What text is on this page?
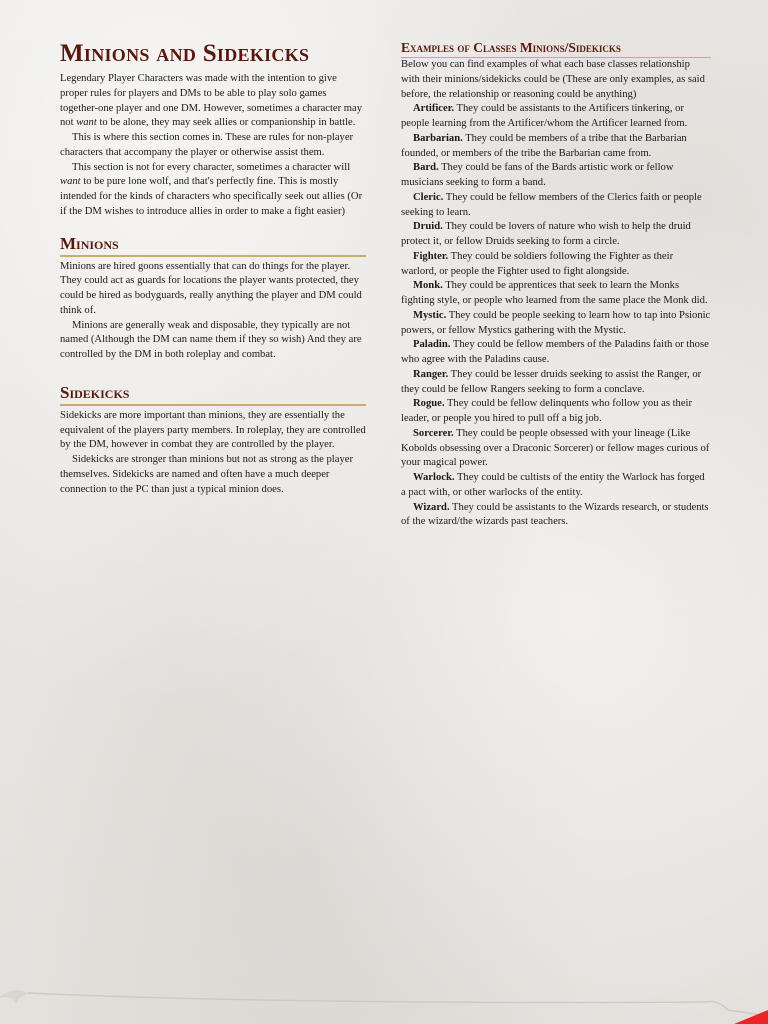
Minions and Sidekicks

Legendary Player Characters was made with the intention to give proper rules for players and DMs to be able to play solo games together-one player and one DM. However, sometimes a character may not want to be alone, they may seek allies or companionship in battle.

This is where this section comes in. These are rules for non-player characters that accompany the player or otherwise assist them.

This section is not for every character, sometimes a character will want to be pure lone wolf, and that's perfectly fine. This is mostly intended for the kinds of characters who specifically seek out allies (Or if the DM wishes to introduce allies in order to make a fight easier)

Minions

Minions are hired goons essentially that can do things for the player. They could act as guards for locations the player wants protected, they could be hired as bodyguards, really anything the player and DM could think of.

Minions are generally weak and disposable, they typically are not named (Although the DM can name them if they so wish) And they are controlled by the DM in both roleplay and combat.

Sidekicks

Sidekicks are more important than minions, they are essentially the equivalent of the players party members. In roleplay, they are controlled by the DM, however in combat they are controlled by the player.

Sidekicks are stronger than minions but not as strong as the player themselves. Sidekicks are named and often have a much deeper connection to the PC than just a typical minion does.

Examples of Classes Minions/Sidekicks

Below you can find examples of what each base classes relationship with their minions/sidekicks could be (These are only examples, as said before, the relationship or reasoning could be anything)

Artificer. They could be assistants to the Artificers tinkering, or people learning from the Artificer/whom the Artificer learned from.

Barbarian. They could be members of a tribe that the Barbarian founded, or members of the tribe the Barbarian came from.

Bard. They could be fans of the Bards artistic work or fellow musicians seeking to form a band.

Cleric. They could be fellow members of the Clerics faith or people seeking to learn.

Druid. They could be lovers of nature who wish to help the druid protect it, or fellow Druids seeking to form a circle.

Fighter. They could be soldiers following the Fighter as their warlord, or people the Fighter used to fight alongside.

Monk. They could be apprentices that seek to learn the Monks fighting style, or people who learned from the same place the Monk did.

Mystic. They could be people seeking to learn how to tap into Psionic powers, or fellow Mystics gathering with the Mystic.

Paladin. They could be fellow members of the Paladins faith or those who agree with the Paladins cause.

Ranger. They could be lesser druids seeking to assist the Ranger, or they could be fellow Rangers seeking to form a conclave.

Rogue. They could be fellow delinquents who follow you as their leader, or people you hired to pull off a big job.

Sorcerer. They could be people obsessed with your lineage (Like Kobolds obsessing over a Draconic Sorcerer) or fellow mages curious of your magical power.

Warlock. They could be cultists of the entity the Warlock has forged a pact with, or other warlocks of the entity.

Wizard. They could be assistants to the Wizards research, or students of the wizard/the wizards past teachers.
